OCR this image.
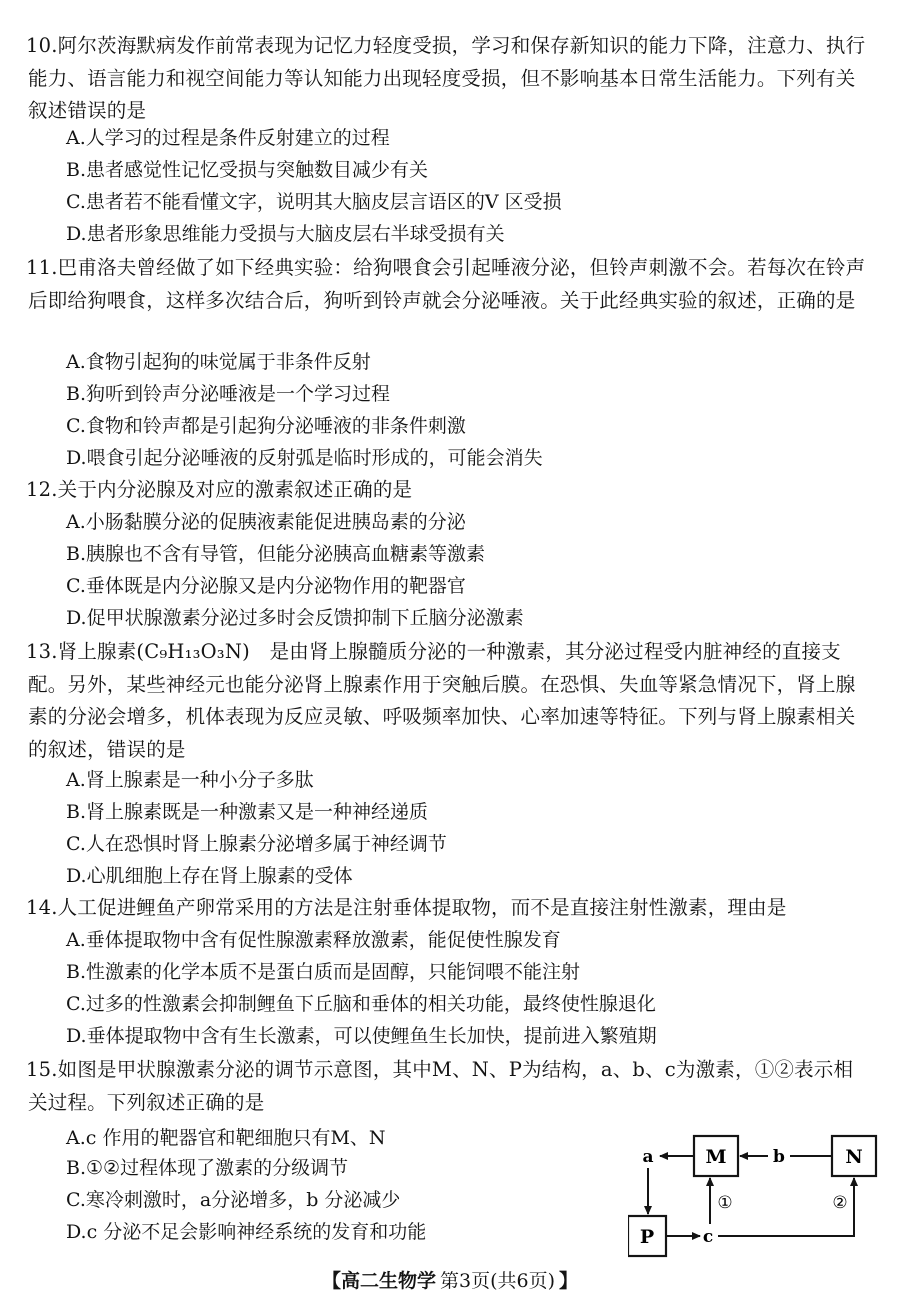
10.阿尔茨海默病发作前常表现为记忆力轻度受损，学习和保存新知识的能力下降，注意力、执行能力、语言能力和视空间能力等认知能力出现轻度受损，但不影响基本日常生活能力。下列有关叙述错误的是

A.人学习的过程是条件反射建立的过程

B.患者感觉性记忆受损与突触数目减少有关

C.患者若不能看懂文字，说明其大脑皮层言语区的V 区受损

D.患者形象思维能力受损与大脑皮层右半球受损有关

11.巴甫洛夫曾经做了如下经典实验：给狗喂食会引起唾液分泌，但铃声刺激不会。若每次在铃声后即给狗喂食，这样多次结合后，狗听到铃声就会分泌唾液。关于此经典实验的叙述，正确的是

A.食物引起狗的味觉属于非条件反射

B.狗听到铃声分泌唾液是一个学习过程

C.食物和铃声都是引起狗分泌唾液的非条件刺激

D.喂食引起分泌唾液的反射弧是临时形成的，可能会消失

12.关于内分泌腺及对应的激素叙述正确的是

A.小肠黏膜分泌的促胰液素能促进胰岛素的分泌

B.胰腺也不含有导管，但能分泌胰高血糖素等激素

C.垂体既是内分泌腺又是内分泌物作用的靶器官

D.促甲状腺激素分泌过多时会反馈抑制下丘脑分泌激素

13.肾上腺素(C₉H₁₃O₃N)　是由肾上腺髓质分泌的一种激素，其分泌过程受内脏神经的直接支配。另外，某些神经元也能分泌肾上腺素作用于突触后膜。在恐惧、失血等紧急情况下，肾上腺素的分泌会增多，机体表现为反应灵敏、呼吸频率加快、心率加速等特征。下列与肾上腺素相关的叙述，错误的是

A.肾上腺素是一种小分子多肽

B.肾上腺素既是一种激素又是一种神经递质

C.人在恐惧时肾上腺素分泌增多属于神经调节

D.心肌细胞上存在肾上腺素的受体

14.人工促进鲤鱼产卵常采用的方法是注射垂体提取物，而不是直接注射性激素，理由是

A.垂体提取物中含有促性腺激素释放激素，能促使性腺发育

B.性激素的化学本质不是蛋白质而是固醇，只能饲喂不能注射

C.过多的性激素会抑制鲤鱼下丘脑和垂体的相关功能，最终使性腺退化

D.垂体提取物中含有生长激素，可以使鲤鱼生长加快，提前进入繁殖期

15.如图是甲状腺激素分泌的调节示意图，其中M、N、P为结构，a、b、c为激素，①②表示相关过程。下列叙述正确的是

A.c 作用的靶器官和靶细胞只有M、N

B.①②过程体现了激素的分级调节

C.寒冷刺激时，a分泌增多，b 分泌减少

D.c 分泌不足会影响神经系统的发育和功能

M	N
P
b
a
c
①	②
【高二生物学 第3页(共6页) 】
